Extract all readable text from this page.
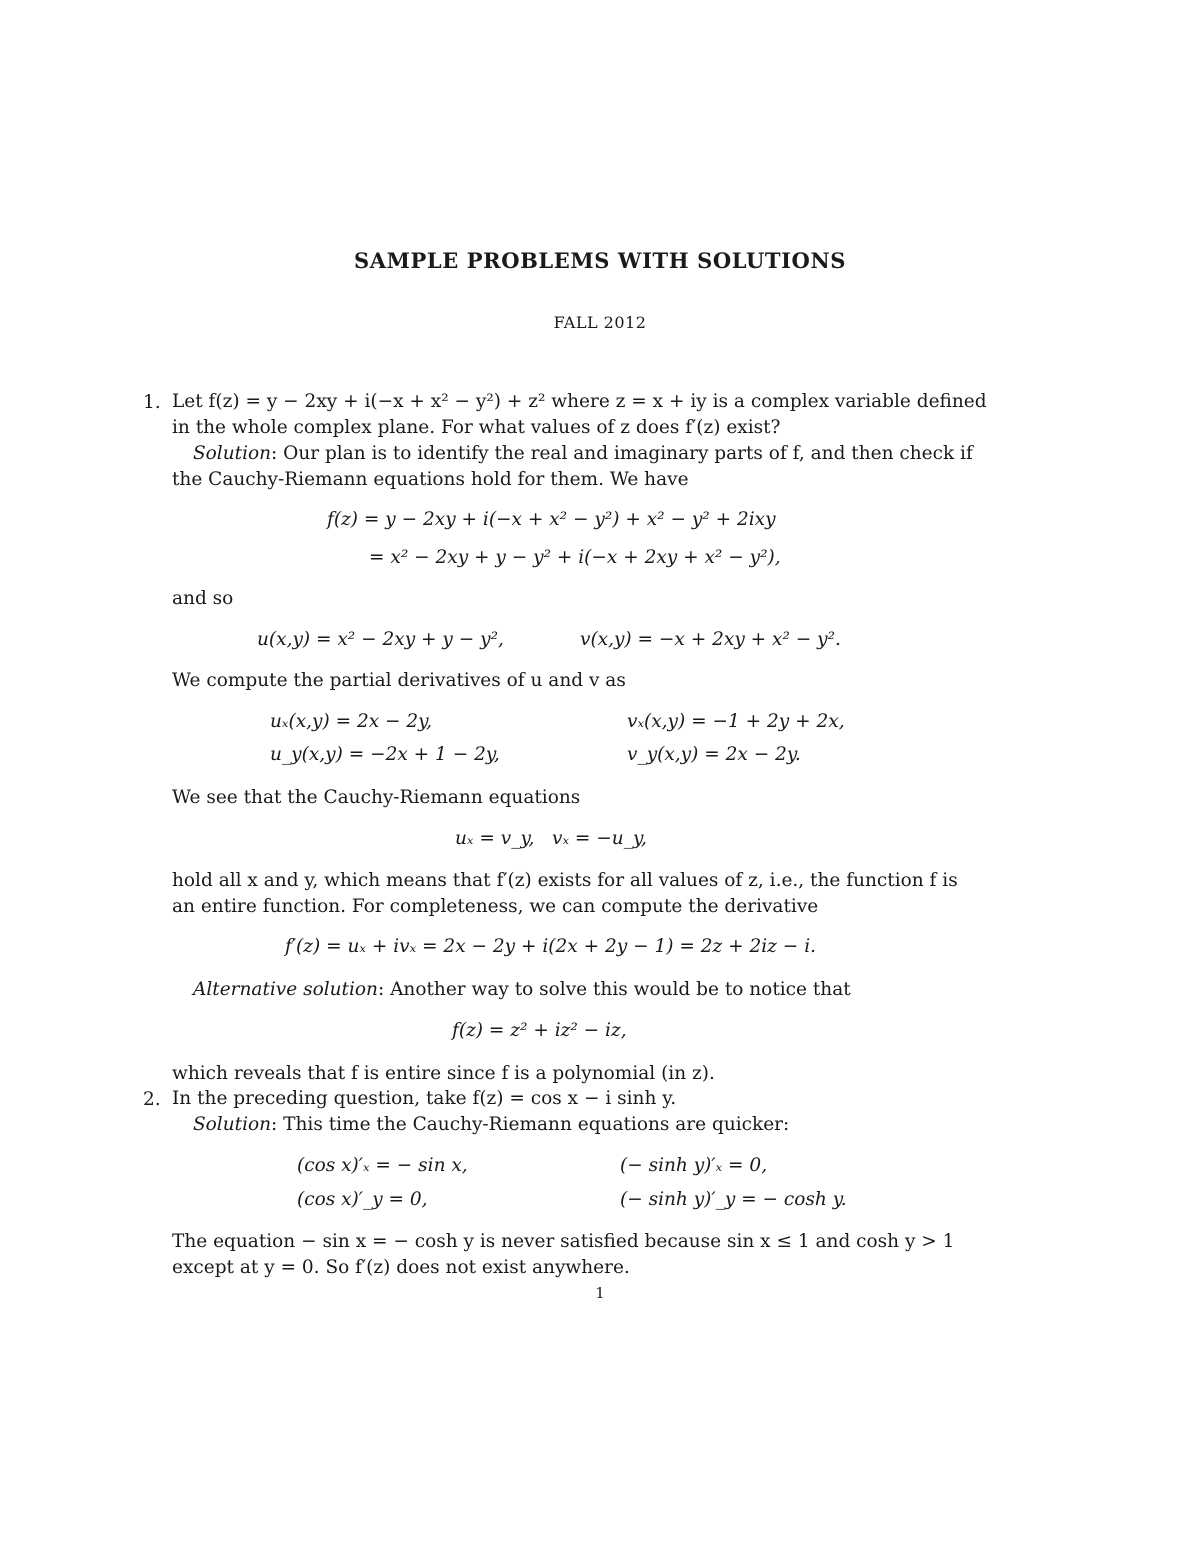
SAMPLE PROBLEMS WITH SOLUTIONS
FALL 2012
1. Let f(z) = y − 2xy + i(−x + x² − y²) + z² where z = x + iy is a complex variable defined
in the whole complex plane. For what values of z does f′(z) exist?
Solution: Our plan is to identify the real and imaginary parts of f, and then check if
the Cauchy-Riemann equations hold for them. We have
f(z) = y − 2xy + i(−x + x² − y²) + x² − y² + 2ixy
= x² − 2xy + y − y² + i(−x + 2xy + x² − y²),
and so
u(x,y) = x² − 2xy + y − y²,	v(x,y) = −x + 2xy + x² − y².
We compute the partial derivatives of u and v as
uₓ(x,y) = 2x − 2y,	vₓ(x,y) = −1 + 2y + 2x,
u_y(x,y) = −2x + 1 − 2y,	v_y(x,y) = 2x − 2y.
We see that the Cauchy-Riemann equations
uₓ = v_y, vₓ = −u_y,
hold all x and y, which means that f′(z) exists for all values of z, i.e., the function f is
an entire function. For completeness, we can compute the derivative
f′(z) = uₓ + ivₓ = 2x − 2y + i(2x + 2y − 1) = 2z + 2iz − i.
Alternative solution: Another way to solve this would be to notice that
f(z) = z² + iz² − iz,
which reveals that f is entire since f is a polynomial (in z).
2. In the preceding question, take f(z) = cos x − i sinh y.
Solution: This time the Cauchy-Riemann equations are quicker:
(cos x)′ₓ = − sin x,	(− sinh y)′ₓ = 0,
(cos x)′_y = 0,	(− sinh y)′_y = − cosh y.
The equation − sin x = − cosh y is never satisfied because sin x ≤ 1 and cosh y > 1
except at y = 0. So f′(z) does not exist anywhere.
1
